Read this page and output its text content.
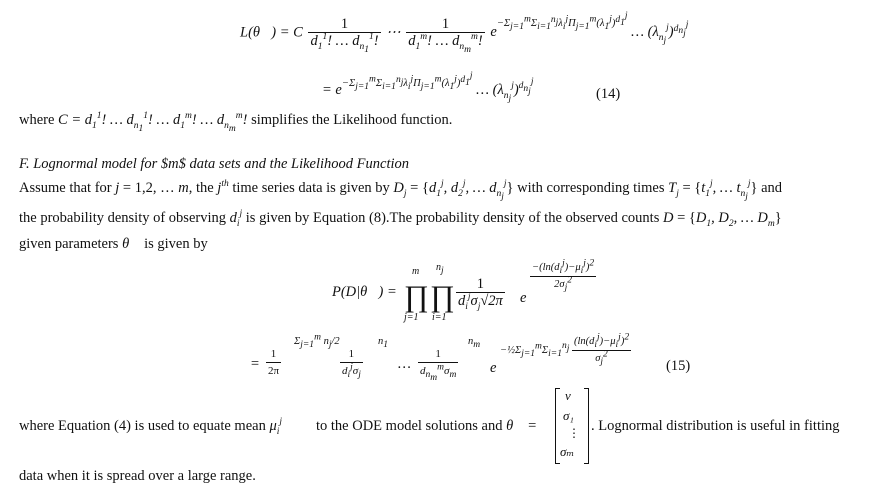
L(θ⃗) = C $\frac{1}{d_1^1! \dots d_{n_1}^1!}$ ⋯ $\frac{1}{d_1^m! \dots d_{n_m}^m!} e^{-\Sigma_{j=1}^m\Sigma_{i=1}^{n_j}\lambda_i^j\Pi_{j=1}^m(\lambda_1^j)^{d_1^j}}$ … $(\lambda_{n_j}^j)^{d_{n_j}^j}$
= $e^{-\Sigma_{j=1}^m\Sigma_{i=1}^{n_j}\lambda_i^j\Pi_{j=1}^m(\lambda_1^j)^{d_1^j}}$ … $(\lambda_{n_j}^j)^{d_{n_j}^j}$
(14)
where $C = d_1^1$! … $d_{n_1}^1$! … $d_1^m$! … $d_{n_m}^m$! simplifies the Likelihood function.
F. Lognormal model for $m$ data sets and the Likelihood Function
Assume that for j = 1,2, … m, the $j^{th}$ time series data is given by $D_j = \{d_1^j$, $d_2^j$, … $d_{n_j}^j$} with corresponding times $T_j = \{t_1^j$, … $t_{n_j}^j$} and
the probability density of observing $d_i^j$ is given by Equation (8).The probability density of the observed counts $D = \{D_1$, $D_2$, … $D_m$}
given parameters θ⃗ is given by
P(D|θ⃗) =
m
∏
j=1
$n_j$
∏
i=1
1
$d_i^j\sigma_j√2\pi$ e
$\frac{-(\ln(d_i^j)-\mu_i^j)^2}{2\sigma_j^2}$
= $\frac{1}{2\pi}$
$\Sigma_{j=1}^m$ $n_j/2$
1
$d_i^j\sigma_j$
$n_1$
…
1
$d_{n_m}^m\sigma_m$
$n_m$
e
$-\frac{1}{2}\Sigma_{j=1}^m\Sigma_{i=1}^{n_j} \frac{(\ln(d_i^j)-\mu_i^j)^2}{\sigma_j^2} (15)$
where Equation (4) is used to equate mean $\mu_i^j$ to the ODE model solutions and θ⃗ =
v⃗
σ₁
⋮
σₘ
. Lognormal distribution is useful in fitting
data when it is spread over a large range.
